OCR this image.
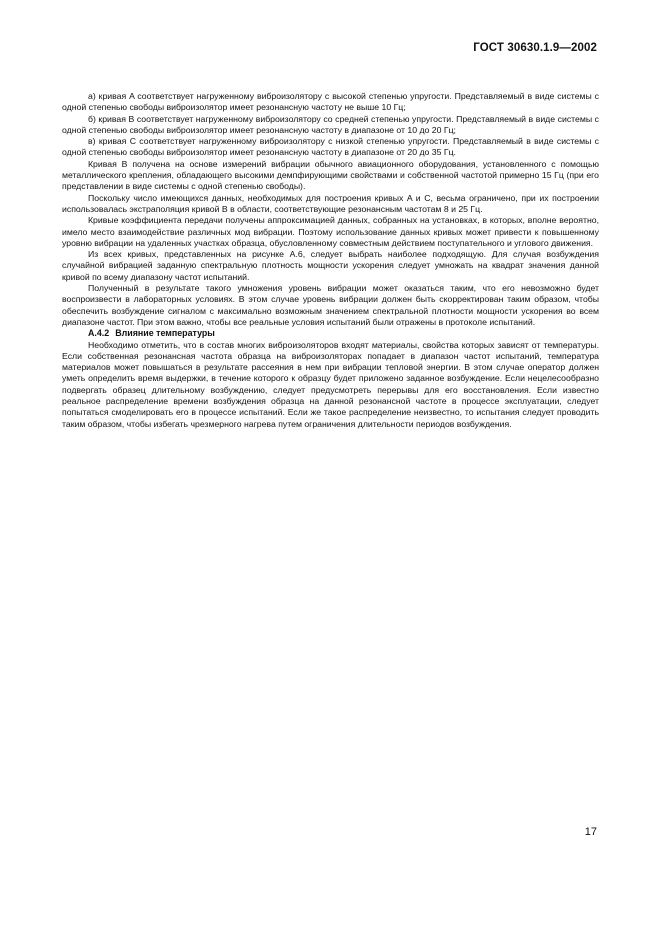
ГОСТ 30630.1.9—2002

а) кривая A соответствует нагруженному виброизолятору с высокой степенью упругости. Представляемый в виде системы с одной степенью свободы виброизолятор имеет резонансную частоту не выше 10 Гц;

б) кривая B соответствует нагруженному виброизолятору со средней степенью упругости. Представляемый в виде системы с одной степенью свободы виброизолятор имеет резонансную частоту в диапазоне от 10 до 20 Гц;

в) кривая C соответствует нагруженному виброизолятору с низкой степенью упругости. Представляемый в виде системы с одной степенью свободы виброизолятор имеет резонансную частоту в диапазоне от 20 до 35 Гц.

Кривая B получена на основе измерений вибрации обычного авиационного оборудования, установленного с помощью металлического крепления, обладающего высокими демпфирующими свойствами и собственной частотой примерно 15 Гц (при его представлении в виде системы с одной степенью свободы).

Поскольку число имеющихся данных, необходимых для построения кривых A и C, весьма ограничено, при их построении использовалась экстраполяция кривой B в области, соответствующие резонансным частотам 8 и 25 Гц.

Кривые коэффициента передачи получены аппроксимацией данных, собранных на установках, в которых, вполне вероятно, имело место взаимодействие различных мод вибрации. Поэтому использование данных кривых может привести к повышенному уровню вибрации на удаленных участках образца, обусловленному совместным действием поступательного и углового движения.

Из всех кривых, представленных на рисунке А.6, следует выбрать наиболее подходящую. Для случая возбуждения случайной вибрацией заданную спектральную плотность мощности ускорения следует умножать на квадрат значения данной кривой по всему диапазону частот испытаний.

Полученный в результате такого умножения уровень вибрации может оказаться таким, что его невозможно будет воспроизвести в лабораторных условиях. В этом случае уровень вибрации должен быть скорректирован таким образом, чтобы обеспечить возбуждение сигналом с максимально возможным значением спектральной плотности мощности ускорения во всем диапазоне частот. При этом важно, чтобы все реальные условия испытаний были отражены в протоколе испытаний.

А.4.2 Влияние температуры

Необходимо отметить, что в состав многих виброизоляторов входят материалы, свойства которых зависят от температуры. Если собственная резонансная частота образца на виброизоляторах попадает в диапазон частот испытаний, температура материалов может повышаться в результате рассеяния в нем при вибрации тепловой энергии. В этом случае оператор должен уметь определить время выдержки, в течение которого к образцу будет приложено заданное возбуждение. Если нецелесообразно подвергать образец длительному возбуждению, следует предусмотреть перерывы для его восстановления. Если известно реальное распределение времени возбуждения образца на данной резонансной частоте в процессе эксплуатации, следует попытаться смоделировать его в процессе испытаний. Если же такое распределение неизвестно, то испытания следует проводить таким образом, чтобы избегать чрезмерного нагрева путем ограничения длительности периодов возбуждения.

17
